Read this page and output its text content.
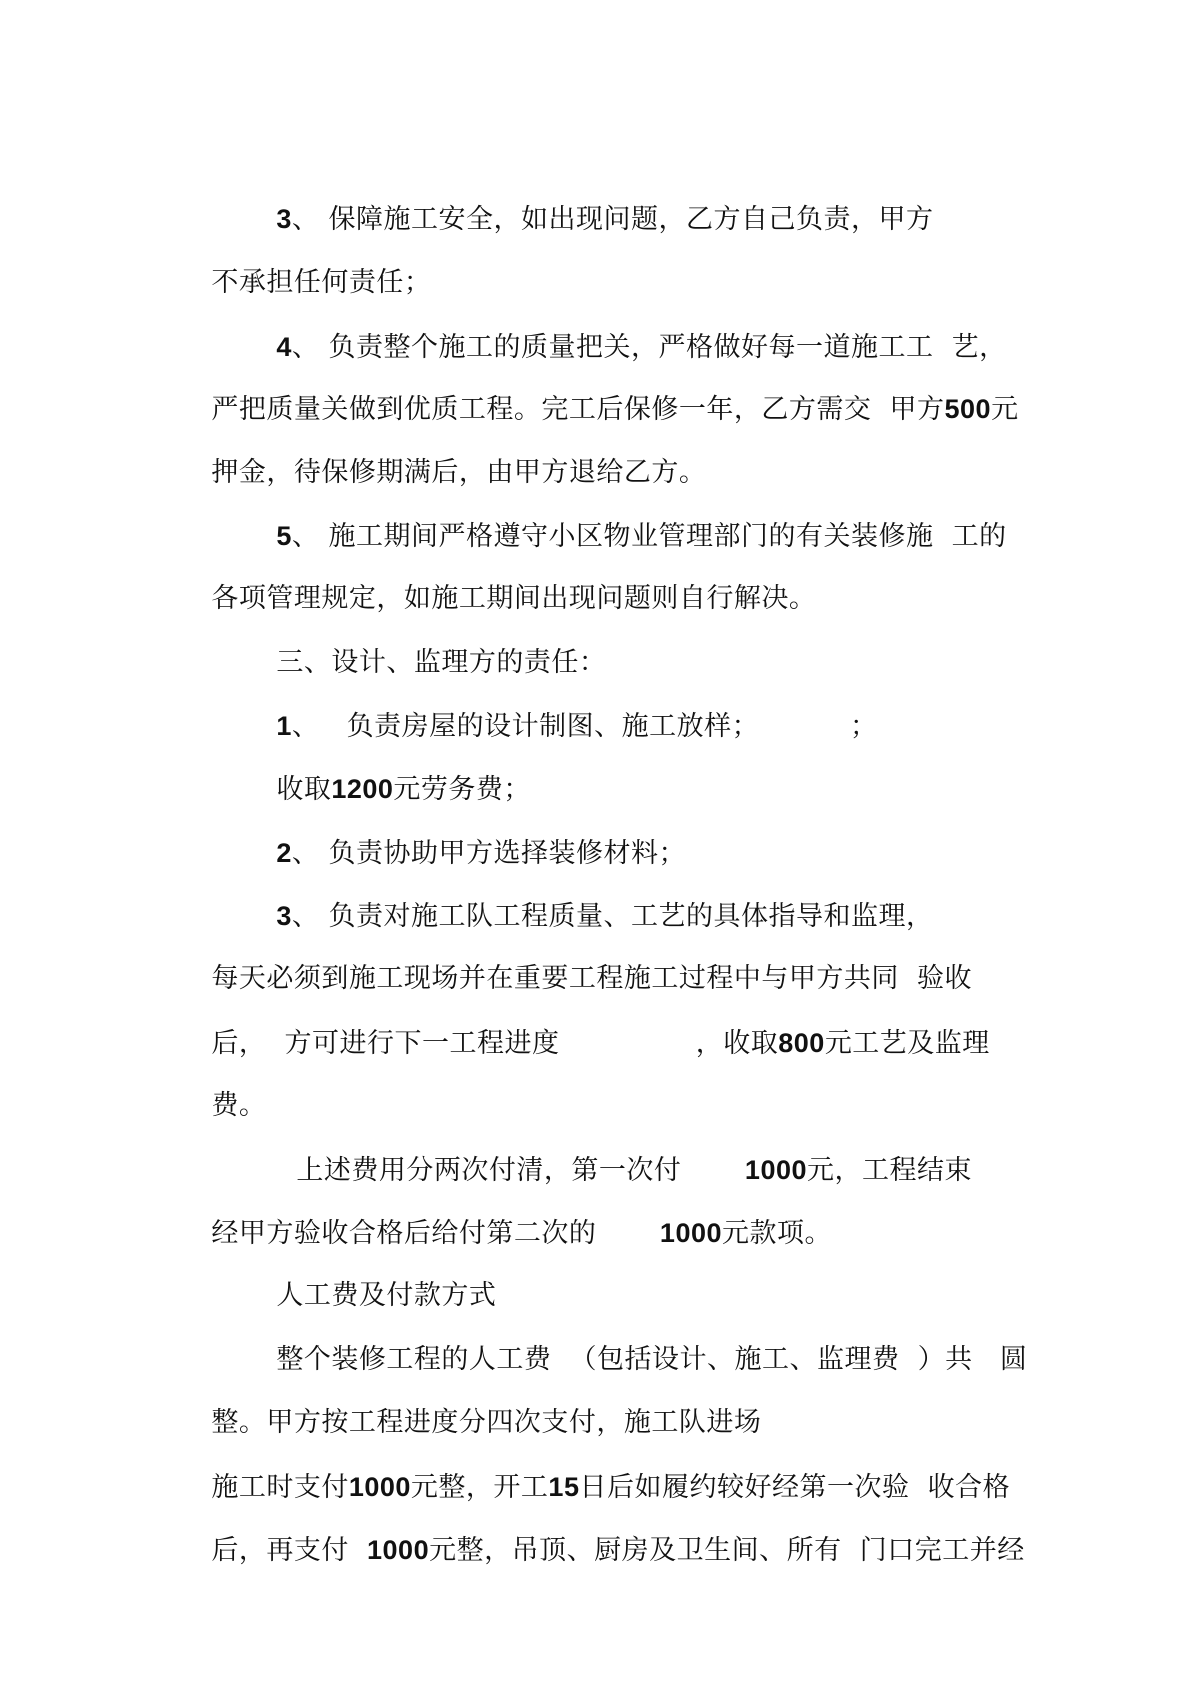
3、 保障施工安全，如出现问题，乙方自己负责，甲方

不承担任何责任；

4、 负责整个施工的质量把关，严格做好每一道施工工  艺，

严把质量关做到优质工程。完工后保修一年，乙方需交  甲方500元

押金，待保修期满后，由甲方退给乙方。

5、 施工期间严格遵守小区物业管理部门的有关装修施  工的

各项管理规定，如施工期间出现问题则自行解决。

三、设计、监理方的责任：

1、   负责房屋的设计制图、施工放样；          ；

收取1200元劳务费；

2、 负责协助甲方选择装修材料；

3、 负责对施工队工程质量、工艺的具体指导和监理，

每天必须到施工现场并在重要工程施工过程中与甲方共同  验收

后，  方可进行下一工程进度               ，收取800元工艺及监理

费。

上述费用分两次付清，第一次付       1000元，工程结束

经甲方验收合格后给付第二次的       1000元款项。

人工费及付款方式

整个装修工程的人工费  （包括设计、施工、监理费  ）共   圆

整。甲方按工程进度分四次支付，施工队进场

施工时支付1000元整，开工15日后如履约较好经第一次验  收合格

后，再支付  1000元整，吊顶、厨房及卫生间、所有  门口完工并经
